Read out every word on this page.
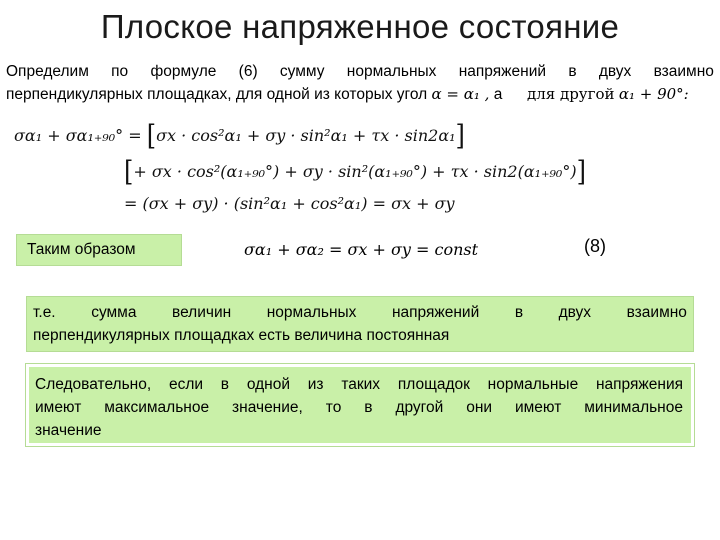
Плоское напряженное состояние
Определим по формуле (6) сумму нормальных напряжений в двух взаимно
перпендикулярных площадках, для одной из которых угол α = α₁ , а для другой α₁ + 90°:
σα₁ + σα₁₊₉₀° = [σx · cos²α₁ + σy · sin²α₁ + τx · sin2α₁]
[+ σx · cos²(α₁₊₉₀°) + σy · sin²(α₁₊₉₀°) + τx · sin2(α₁₊₉₀°)]
= (σx + σy) · (sin²α₁ + cos²α₁) = σx + σy
Таким образом	σα₁ + σα₂ = σx + σy = const	(8)
т.е. сумма величин нормальных напряжений в двух взаимно
перпендикулярных площадках есть величина постоянная
Следовательно, если в одной из таких площадок нормальные напряжения
имеют максимальное значение, то в другой они имеют минимальное
значение
